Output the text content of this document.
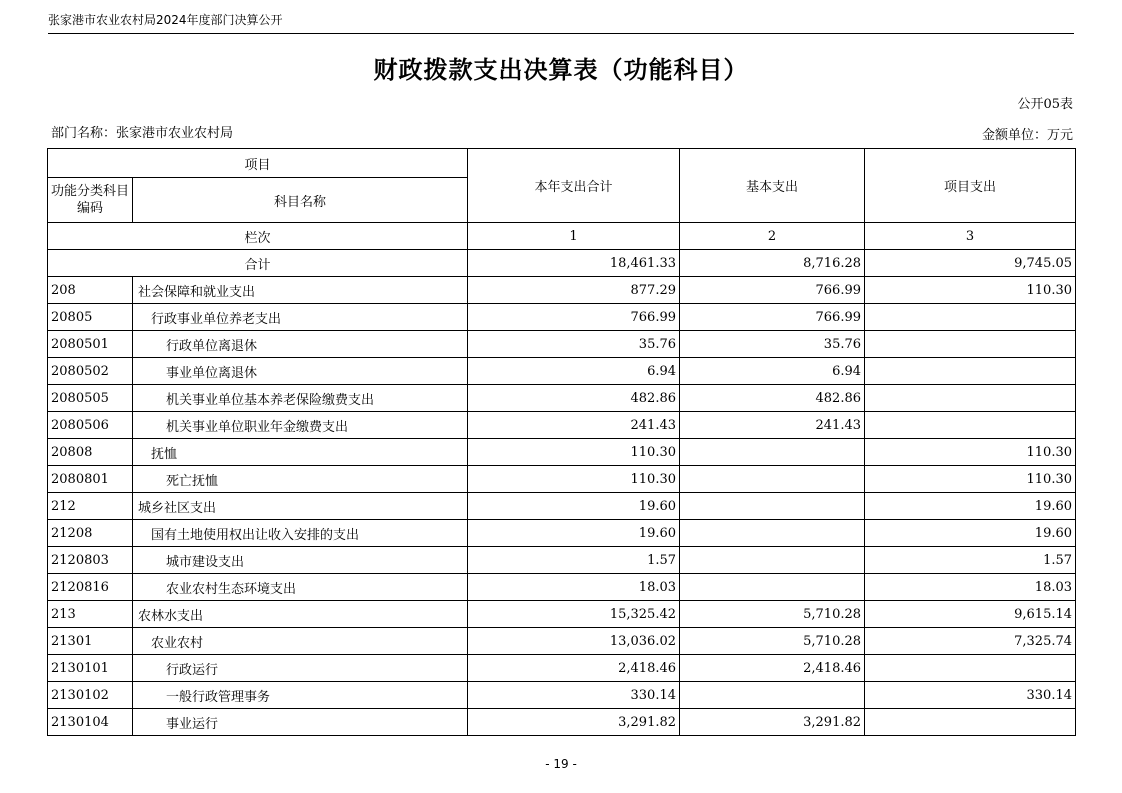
张家港市农业农村局2024年度部门决算公开
财政拨款支出决算表（功能科目）
公开05表
部门名称：张家港市农业农村局	金额单位：万元
项目		本年支出合计	基本支出	项目支出
功能分类科目编码	科目名称			
栏次		1	2	3
合计		18,461.33	8,716.28	9,745.05
208	社会保障和就业支出	877.29	766.99	110.30
20805	行政事业单位养老支出	766.99	766.99	
2080501	行政单位离退休	35.76	35.76	
2080502	事业单位离退休	6.94	6.94	
2080505	机关事业单位基本养老保险缴费支出	482.86	482.86	
2080506	机关事业单位职业年金缴费支出	241.43	241.43	
20808	抚恤	110.30		110.30
2080801	死亡抚恤	110.30		110.30
212	城乡社区支出	19.60		19.60
21208	国有土地使用权出让收入安排的支出	19.60		19.60
2120803	城市建设支出	1.57		1.57
2120816	农业农村生态环境支出	18.03		18.03
213	农林水支出	15,325.42	5,710.28	9,615.14
21301	农业农村	13,036.02	5,710.28	7,325.74
2130101	行政运行	2,418.46	2,418.46	
2130102	一般行政管理事务	330.14		330.14
2130104	事业运行	3,291.82	3,291.82	
- 19 -
